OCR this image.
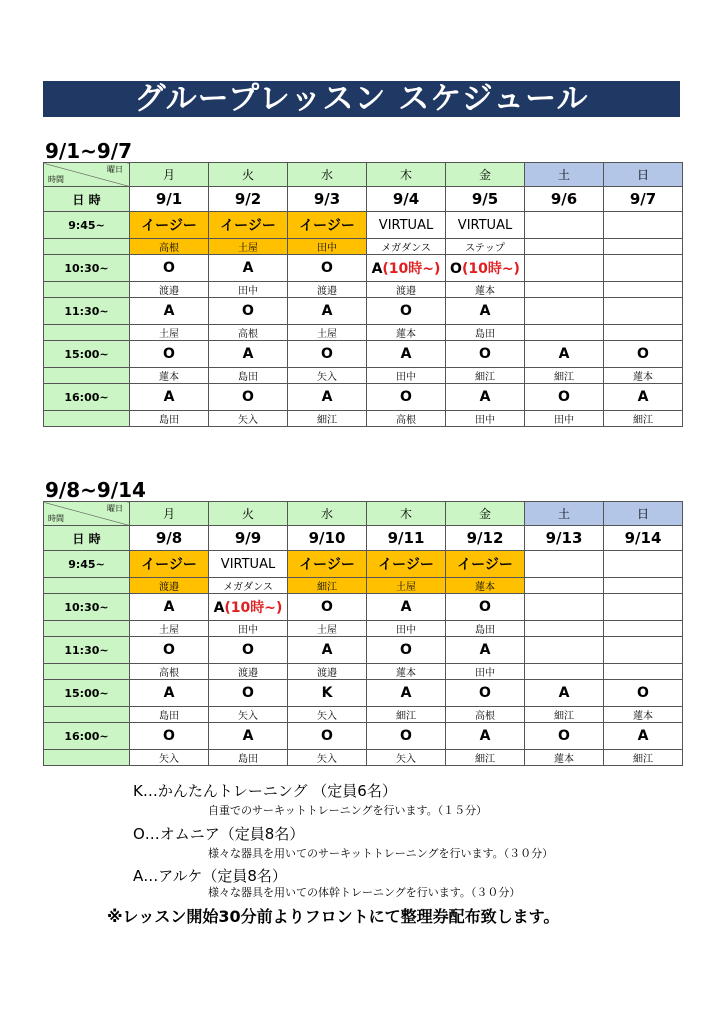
グループレッスン スケジュール
9/1~9/7
曜日
時間	月	火	水	木	金	土	日
日 時	9/1	9/2	9/3	9/4	9/5	9/6	9/7
9:45~	イージー	イージー	イージー	VIRTUAL	VIRTUAL		
	高根	土屋	田中	メガダンス	ステップ		
10:30~	O	A	O	A(10時~)	O(10時~)		
	渡邉	田中	渡邉	渡邉	蓮本		
11:30~	A	O	A	O	A		
	土屋	高根	土屋	蓮本	島田		
15:00~	O	A	O	A	O	A	O
	蓮本	島田	矢入	田中	細江	細江	蓮本
16:00~	A	O	A	O	A	O	A
	島田	矢入	細江	高根	田中	田中	細江
9/8~9/14
曜日
時間	月	火	水	木	金	土	日
日 時	9/8	9/9	9/10	9/11	9/12	9/13	9/14
9:45~	イージー	VIRTUAL	イージー	イージー	イージー		
	渡邉	メガダンス	細江	土屋	蓮本		
10:30~	A	A(10時~)	O	A	O		
	土屋	田中	土屋	田中	島田		
11:30~	O	O	A	O	A		
	高根	渡邉	渡邉	蓮本	田中		
15:00~	A	O	K	A	O	A	O
	島田	矢入	矢入	細江	高根	細江	蓮本
16:00~	O	A	O	O	A	O	A
	矢入	島田	矢入	矢入	細江	蓮本	細江
K…かんたんトレーニング （定員6名）
自重でのサーキットトレーニングを行います。（１５分）
O…オムニア（定員8名）
様々な器具を用いてのサーキットトレーニングを行います。（３０分）
A…アルケ（定員8名）
様々な器具を用いての体幹トレーニングを行います。（３０分）
※レッスン開始30分前よりフロントにて整理券配布致します。
